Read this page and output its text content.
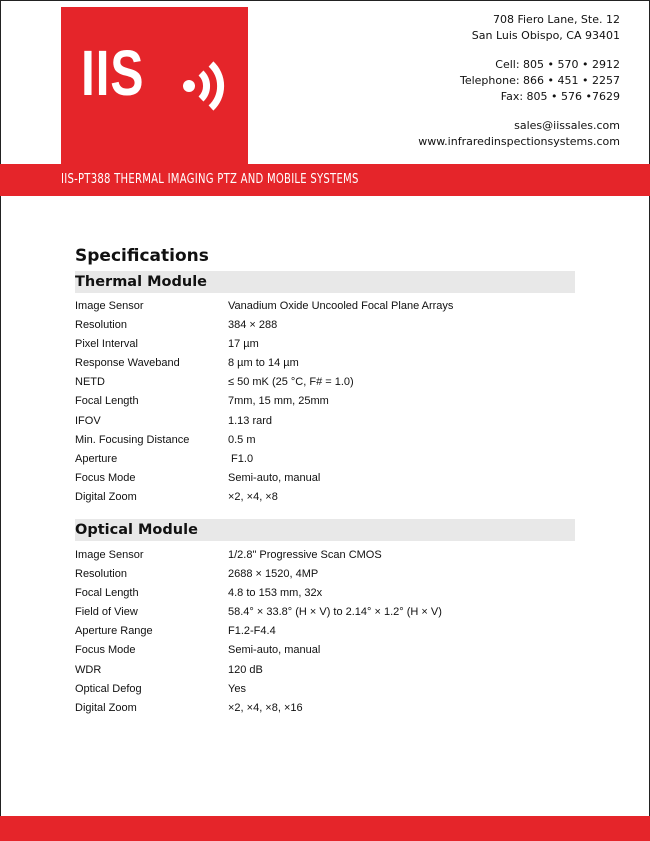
IIS
708 Fiero Lane, Ste. 12
San Luis Obispo, CA 93401
Cell: 805 • 570 • 2912
Telephone: 866 • 451 • 2257
Fax: 805 • 576 •7629
sales@iissales.com
www.infraredinspectionsystems.com
IIS-PT388 THERMAL IMAGING PTZ AND MOBILE SYSTEMS
Specifications
Thermal Module
Image Sensor	Vanadium Oxide Uncooled Focal Plane Arrays
Resolution	384 × 288
Pixel Interval	17 µm
Response Waveband	8 µm to 14 µm
NETD	≤ 50 mK (25 °C, F# = 1.0)
Focal Length	7mm, 15 mm, 25mm
IFOV	1.13 rard
Min. Focusing Distance	0.5 m
Aperture	F1.0
Focus Mode	Semi-auto, manual
Digital Zoom	×2, ×4, ×8
Optical Module
Image Sensor	1/2.8" Progressive Scan CMOS
Resolution	2688 × 1520, 4MP
Focal Length	4.8 to 153 mm, 32x
Field of View	58.4° × 33.8° (H × V) to 2.14° × 1.2° (H × V)
Aperture Range	F1.2-F4.4
Focus Mode	Semi-auto, manual
WDR	120 dB
Optical Defog	Yes
Digital Zoom	×2, ×4, ×8, ×16
